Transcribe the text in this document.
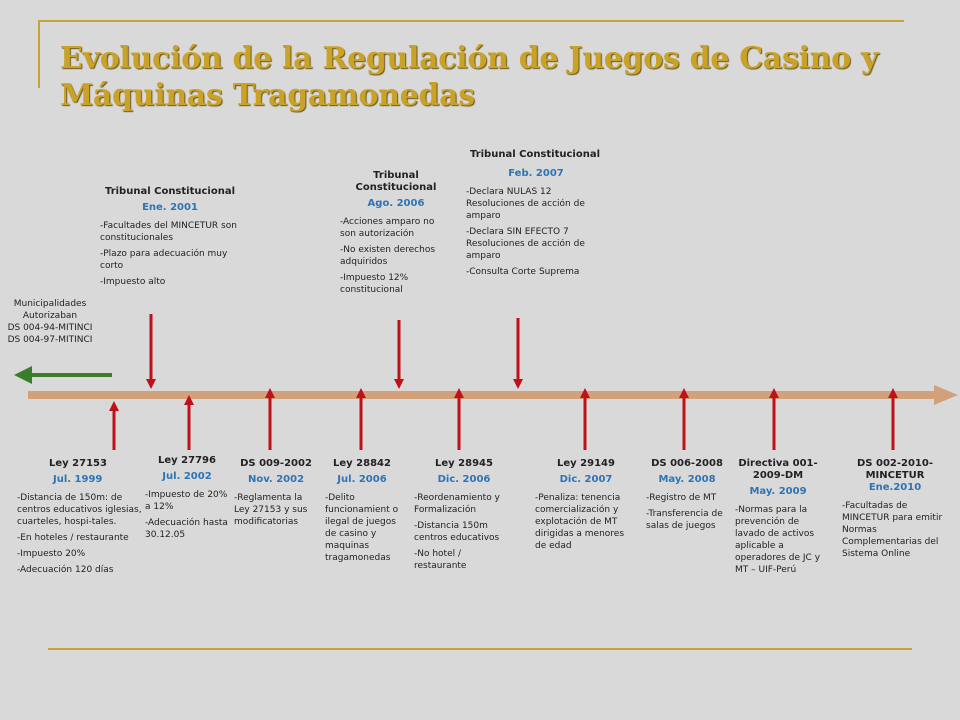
Evolución de la Regulación de Juegos de Casino y
Máquinas Tragamonedas
Municipalidades
Autorizaban
DS 004-94-MITINCI
DS 004-97-MITINCI
Tribunal Constitucional
Ene. 2001
-Facultades del MINCETUR son constitucionales
-Plazo para adecuación muy corto
-Impuesto alto
Tribunal Constitucional
Ago. 2006
-Acciones amparo no son autorización
-No existen derechos adquiridos
-Impuesto 12% constitucional
Tribunal Constitucional
Feb. 2007
-Declara NULAS 12 Resoluciones de acción de amparo
-Declara SIN EFECTO 7 Resoluciones de acción de amparo
-Consulta Corte Suprema
Ley 27153
Jul. 1999
-Distancia de 150m: de centros educativos iglesias, cuarteles, hospi-tales.
-En hoteles / restaurante
-Impuesto 20%
-Adecuación 120 días
Ley 27796
Jul. 2002
-Impuesto de 20% a 12%
-Adecuación hasta 30.12.05
DS 009-2002
Nov. 2002
-Reglamenta la Ley 27153 y sus modificatorias
Ley 28842
Jul. 2006
-Delito funcionamient o ilegal de juegos de casino y maquinas tragamonedas
Ley 28945
Dic. 2006
-Reordenamiento y Formalización
-Distancia 150m centros educativos
-No hotel / restaurante
Ley 29149
Dic. 2007
-Penaliza: tenencia comercialización y explotación de MT dirigidas a menores de edad
DS 006-2008
May. 2008
-Registro de MT
-Transferencia de salas de juegos
Directiva 001-2009-DM
May. 2009
-Normas para la prevención de lavado de activos aplicable a operadores de JC y MT – UIF-Perú
DS 002-2010-MINCETUR
Ene.2010
-Facultadas de MINCETUR para emitir Normas Complementarias del Sistema Online
